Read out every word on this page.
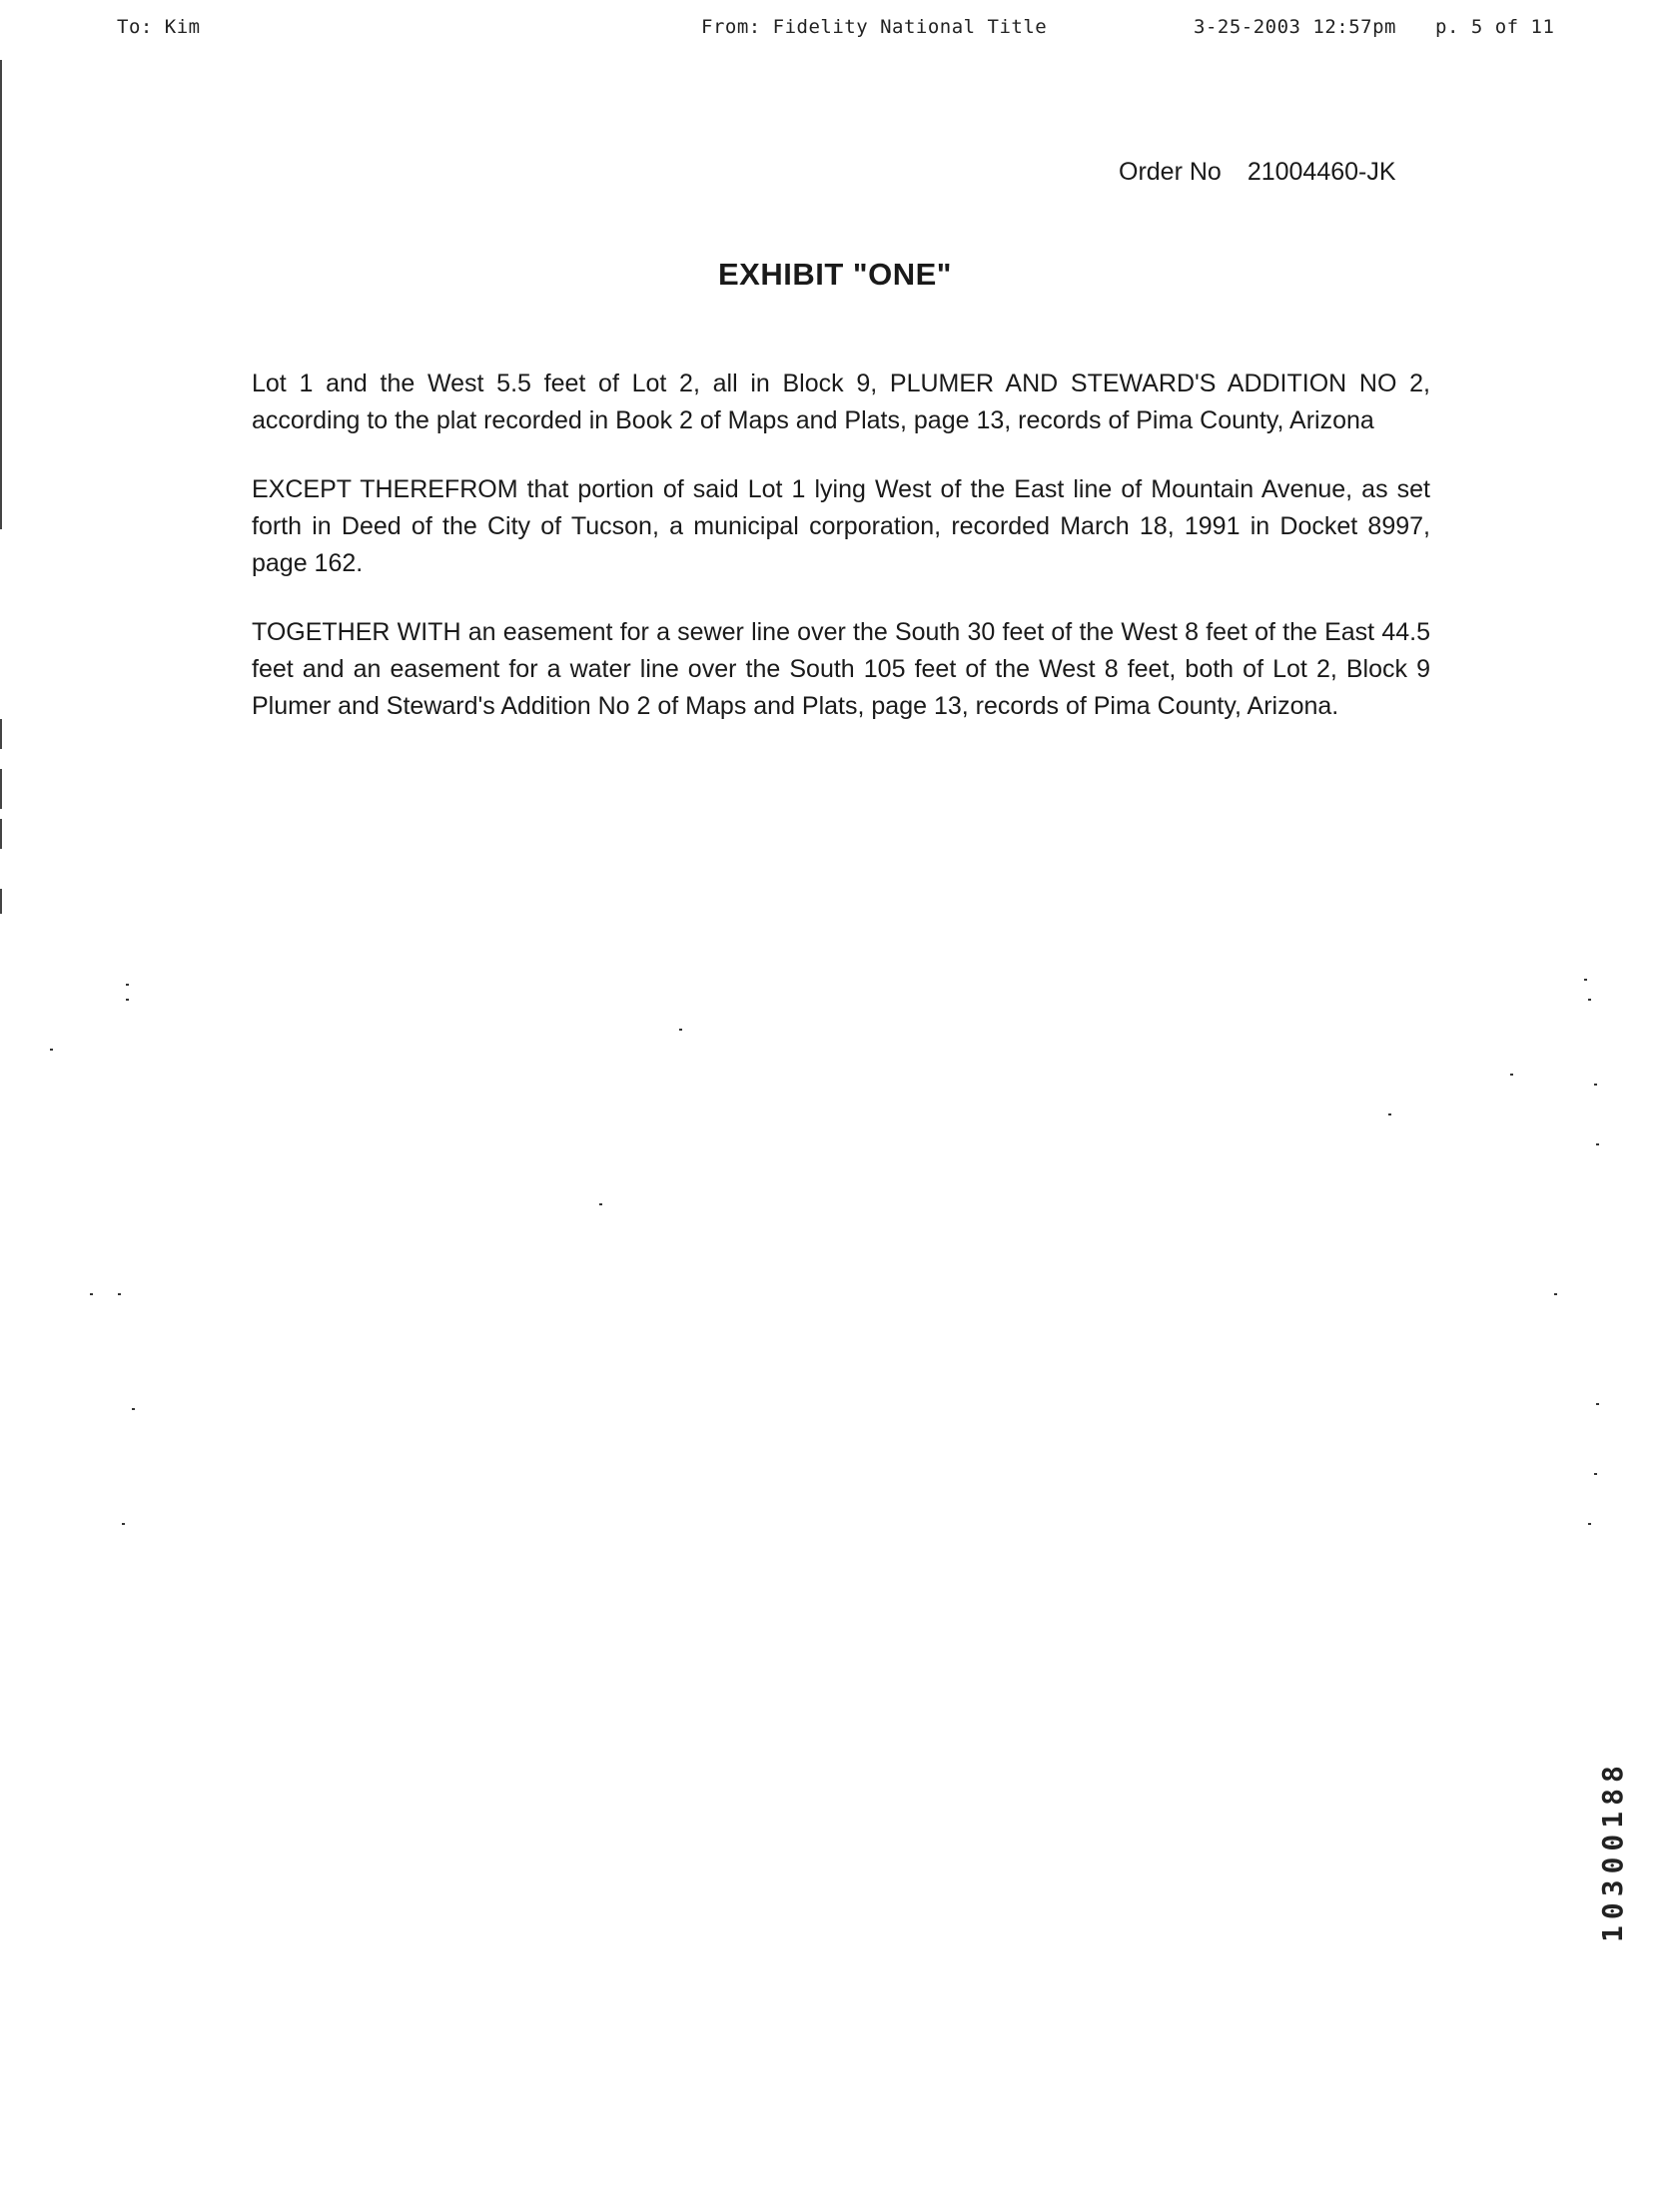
To: Kim	From: Fidelity National Title	3-25-2003 12:57pm p. 5 of 11
Order No 21004460-JK
EXHIBIT "ONE"

Lot 1 and the West 5.5 feet of Lot 2, all in Block 9, PLUMER AND STEWARD'S ADDITION NO 2, according to the plat recorded in Book 2 of Maps and Plats, page 13, records of Pima County, Arizona

EXCEPT THEREFROM that portion of said Lot 1 lying West of the East line of Mountain Avenue, as set forth in Deed of the City of Tucson, a municipal corporation, recorded March 18, 1991 in Docket 8997, page 162.

TOGETHER WITH an easement for a sewer line over the South 30 feet of the West 8 feet of the East 44.5 feet and an easement for a water line over the South 105 feet of the West 8 feet, both of Lot 2, Block 9 Plumer and Steward's Addition No 2 of Maps and Plats, page 13, records of Pima County, Arizona.

10300188
